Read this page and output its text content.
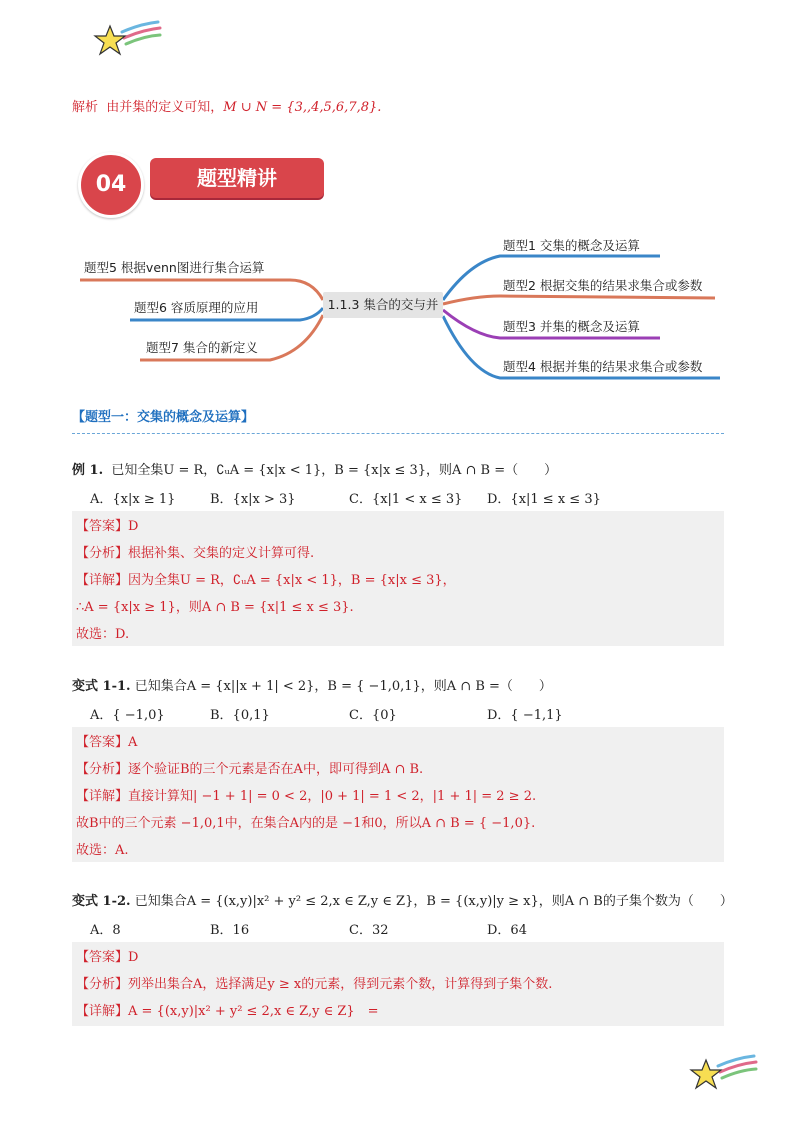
解析 由并集的定义可知，M ∪ N = {3,,4,5,6,7,8}.
04	题型精讲
1.1.3 集合的交与并
题型5 根据venn图进行集合运算
题型6 容质原理的应用
题型7 集合的新定义
题型1 交集的概念及运算
题型2 根据交集的结果求集合或参数
题型3 并集的概念及运算
题型4 根据并集的结果求集合或参数
【题型一：交集的概念及运算】
例 1. 已知全集U = R，∁ᵤA = {x|x < 1}，B = {x|x ≤ 3}，则A ∩ B =（　　）
A．{x|x ≥ 1}	B．{x|x > 3}	C．{x|1 < x ≤ 3} D．{x|1 ≤ x ≤ 3}
【答案】D
【分析】根据补集、交集的定义计算可得.
【详解】因为全集U = R，∁ᵤA = {x|x < 1}，B = {x|x ≤ 3}，
∴A = {x|x ≥ 1}，则A ∩ B = {x|1 ≤ x ≤ 3}.
故选：D.
变式 1-1. 已知集合A = {x||x + 1| < 2}，B = { −1,0,1}，则A ∩ B =（　　）
A．{ −1,0}	B．{0,1}	C．{0}	D．{ −1,1}
【答案】A
【分析】逐个验证B的三个元素是否在A中，即可得到A ∩ B.
【详解】直接计算知| −1 + 1| = 0 < 2，|0 + 1| = 1 < 2，|1 + 1| = 2 ≥ 2.
故B中的三个元素 −1,0,1中，在集合A内的是 −1和0，所以A ∩ B = { −1,0}.
故选：A.
变式 1-2. 已知集合A = {(x,y)|x² + y² ≤ 2,x ∈ Z,y ∈ Z}，B = {(x,y)|y ≥ x}，则A ∩ B的子集个数为（　　）
A．8	B．16	C．32	D．64
【答案】D
【分析】列举出集合A，选择满足y ≥ x的元素，得到元素个数，计算得到子集个数.
【详解】A = {(x,y)|x² + y² ≤ 2,x ∈ Z,y ∈ Z}　=
